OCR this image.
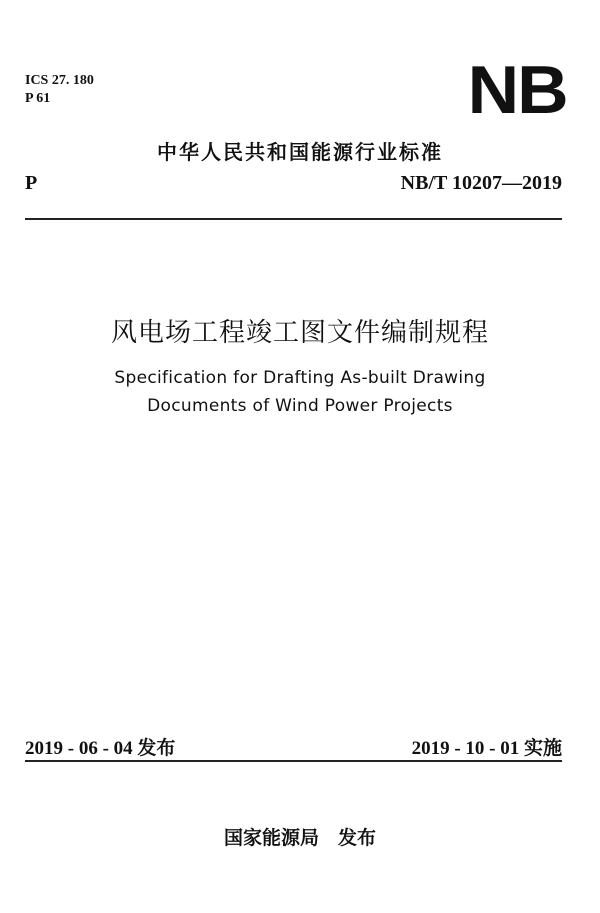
ICS 27. 180
P 61	NB
中华人民共和国能源行业标准
P	NB/T 10207—2019
风电场工程竣工图文件编制规程
Specification for Drafting As-built Drawing
Documents of Wind Power Projects
2019 - 06 - 04 发布	2019 - 10 - 01 实施
国家能源局　发布
